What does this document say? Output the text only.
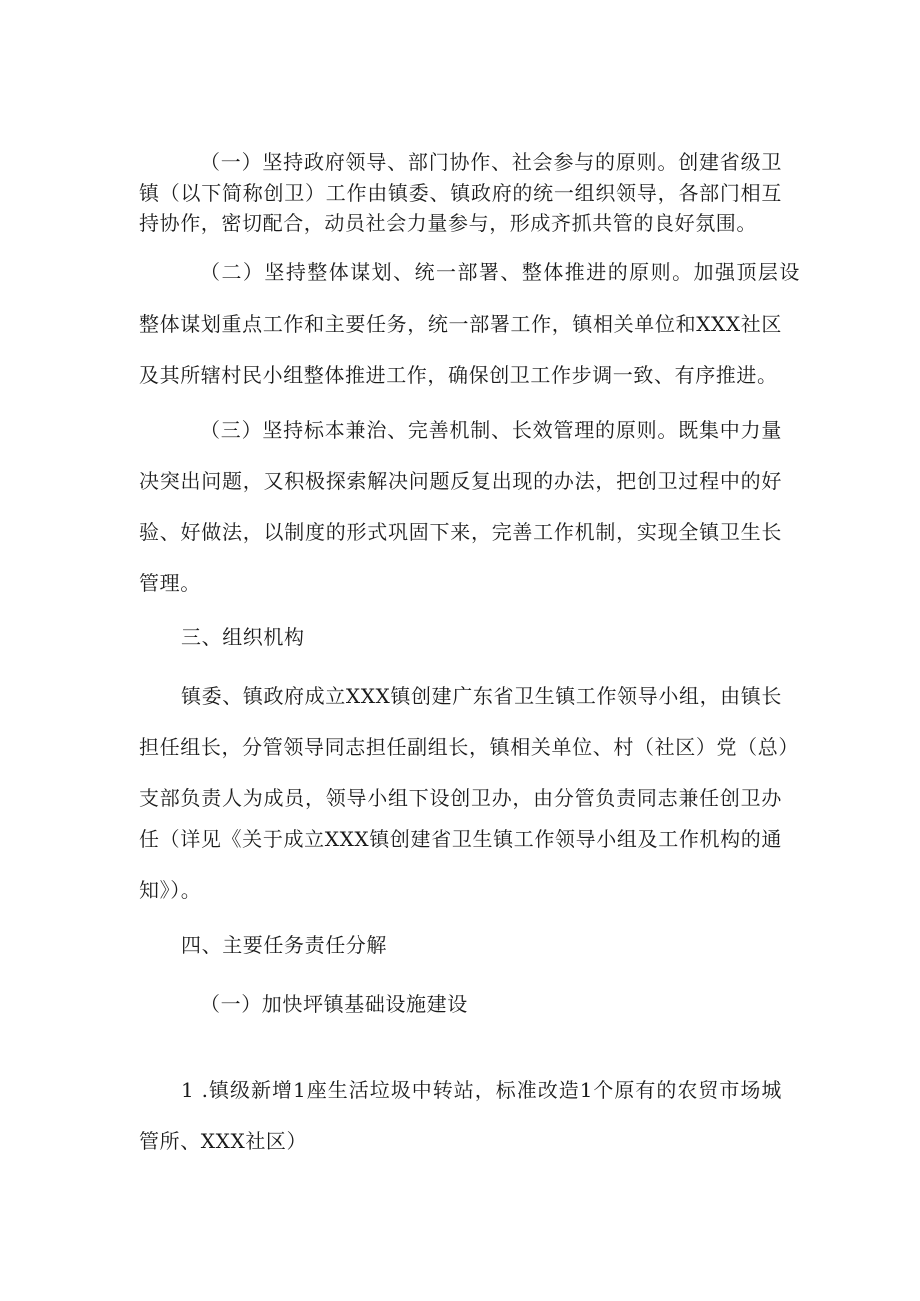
（一）坚持政府领导、部门协作、社会参与的原则。创建省级卫
镇（以下简称创卫）工作由镇委、镇政府的统一组织领导，各部门相互
持协作，密切配合，动员社会力量参与，形成齐抓共管的良好氛围。
（二）坚持整体谋划、统一部署、整体推进的原则。加强顶层设
整体谋划重点工作和主要任务，统一部署工作，镇相关单位和XXX社区
及其所辖村民小组整体推进工作，确保创卫工作步调一致、有序推进。
（三）坚持标本兼治、完善机制、长效管理的原则。既集中力量
决突出问题，又积极探索解决问题反复出现的办法，把创卫过程中的好
验、好做法，以制度的形式巩固下来，完善工作机制，实现全镇卫生长
管理。
三、组织机构
镇委、镇政府成立XXX镇创建广东省卫生镇工作领导小组，由镇长
担任组长，分管领导同志担任副组长，镇相关单位、村（社区）党（总）
支部负责人为成员，领导小组下设创卫办，由分管负责同志兼任创卫办
任（详见《关于成立XXX镇创建省卫生镇工作领导小组及工作机构的通
知》）。
四、主要任务责任分解
（一）加快坪镇基础设施建设
1 .镇级新增1座生活垃圾中转站，标准改造1个原有的农贸市场城
管所、XXX社区）
